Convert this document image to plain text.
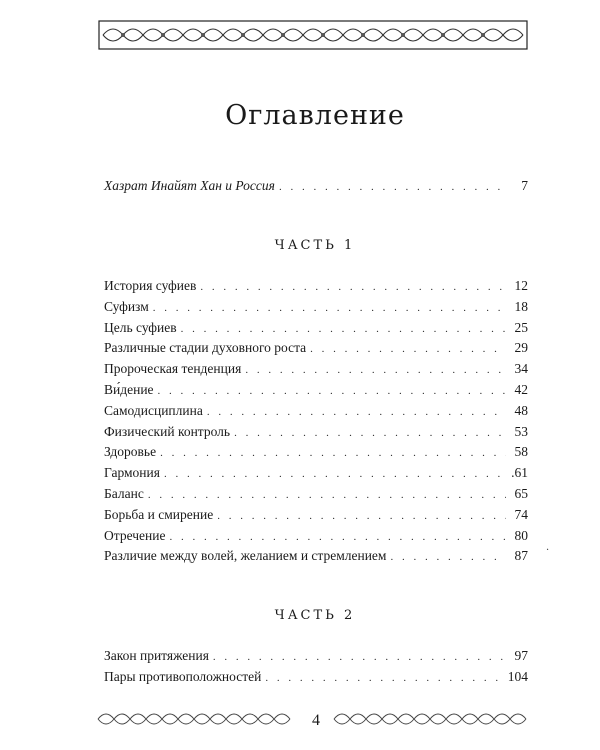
Оглавление
Хазрат Инайят Хан и Россия . . .	7
ЧАСТЬ 1
История суфиев . . .	12
Суфизм . . .	18
Цель суфиев . . .	25
Различные стадии духовного роста . . .	29
Пророческая тенденция . . .	34
Ви́дение . . .	42
Самодисциплина . . .	48
Физический контроль . . .	53
Здоровье . . .	58
Гармония . . .	.61
Баланс . . .	65
Борьба и смирение . . .	74
Отречение . . .	80
Различие между волей, желанием и стремлением . . .	87 ·
ЧАСТЬ 2
Закон притяжения . . .	97
Пары противоположностей . . .	104
4
